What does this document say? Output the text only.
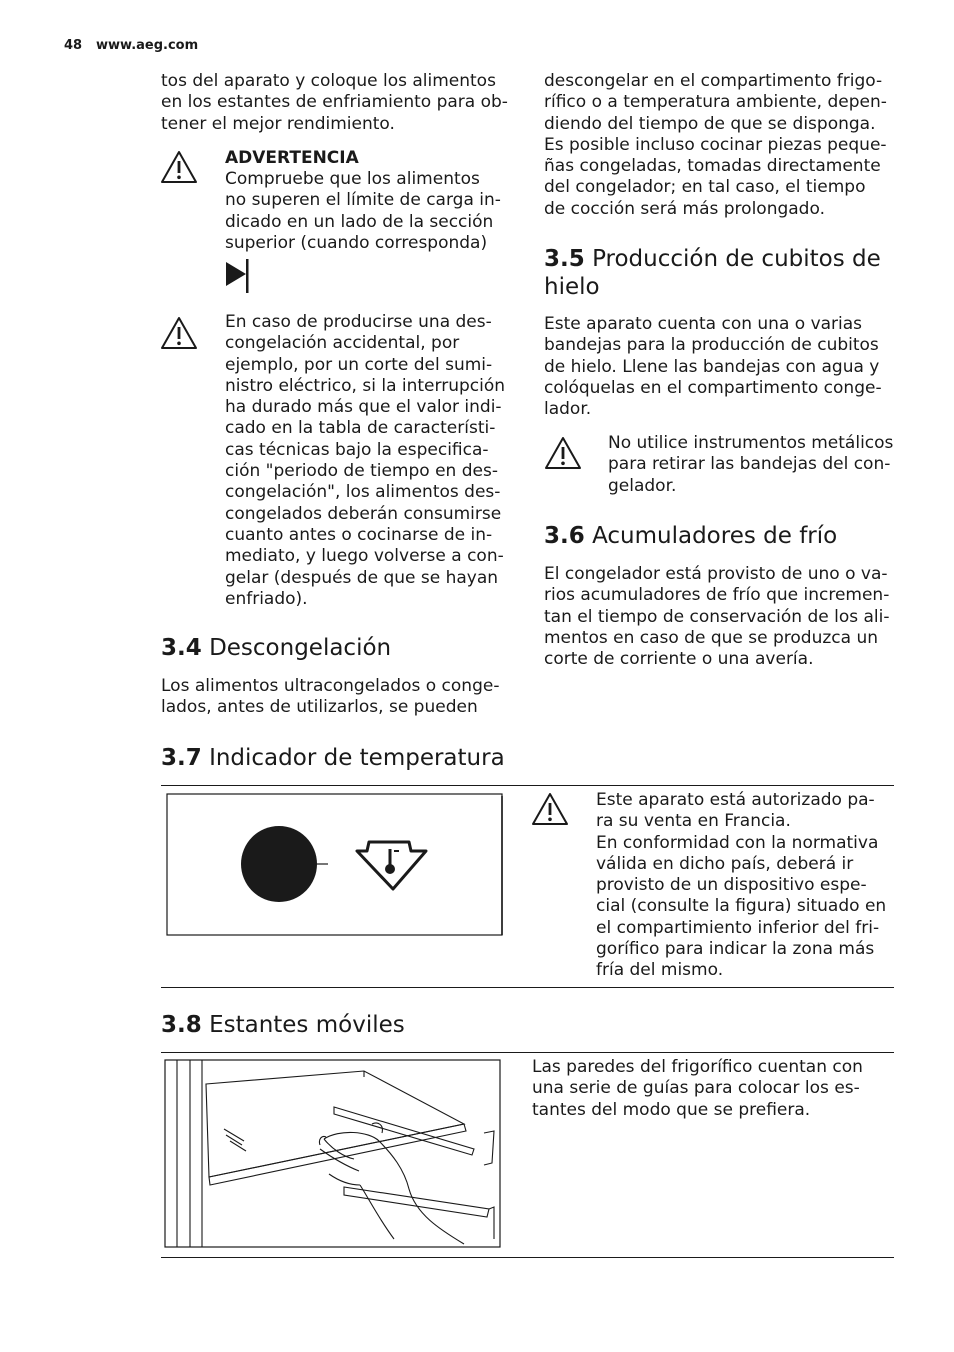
48 www.aeg.com

tos del aparato y coloque los alimentos
en los estantes de enfriamiento para ob-
tener el mejor rendimiento.

ADVERTENCIA

Compruebe que los alimentos
no superen el límite de carga in-
dicado en un lado de la sección
superior (cuando corresponda)

En caso de producirse una des-
congelación accidental, por
ejemplo, por un corte del sumi-
nistro eléctrico, si la interrupción
ha durado más que el valor indi-
cado en la tabla de característi-
cas técnicas bajo la especifica-
ción "periodo de tiempo en des-
congelación", los alimentos des-
congelados deberán consumirse
cuanto antes o cocinarse de in-
mediato, y luego volverse a con-
gelar (después de que se hayan
enfriado).

3.4 Descongelación

Los alimentos ultracongelados o conge-
lados, antes de utilizarlos, se pueden

descongelar en el compartimento frigo-
rífico o a temperatura ambiente, depen-
diendo del tiempo de que se disponga.
Es posible incluso cocinar piezas peque-
ñas congeladas, tomadas directamente
del congelador; en tal caso, el tiempo
de cocción será más prolongado.

3.5 Producción de cubitos de
hielo

Este aparato cuenta con una o varias
bandejas para la producción de cubitos
de hielo. Llene las bandejas con agua y
colóquelas en el compartimento conge-
lador.

No utilice instrumentos metálicos
para retirar las bandejas del con-
gelador.

3.6 Acumuladores de frío

El congelador está provisto de uno o va-
rios acumuladores de frío que incremen-
tan el tiempo de conservación de los ali-
mentos en caso de que se produzca un
corte de corriente o una avería.

3.7 Indicador de temperatura

Este aparato está autorizado pa-
ra su venta en Francia.
En conformidad con la normativa
válida en dicho país, deberá ir
provisto de un dispositivo espe-
cial (consulte la figura) situado en
el compartimiento inferior del fri-
gorífico para indicar la zona más
fría del mismo.

3.8 Estantes móviles

Las paredes del frigorífico cuentan con
una serie de guías para colocar los es-
tantes del modo que se prefiera.
